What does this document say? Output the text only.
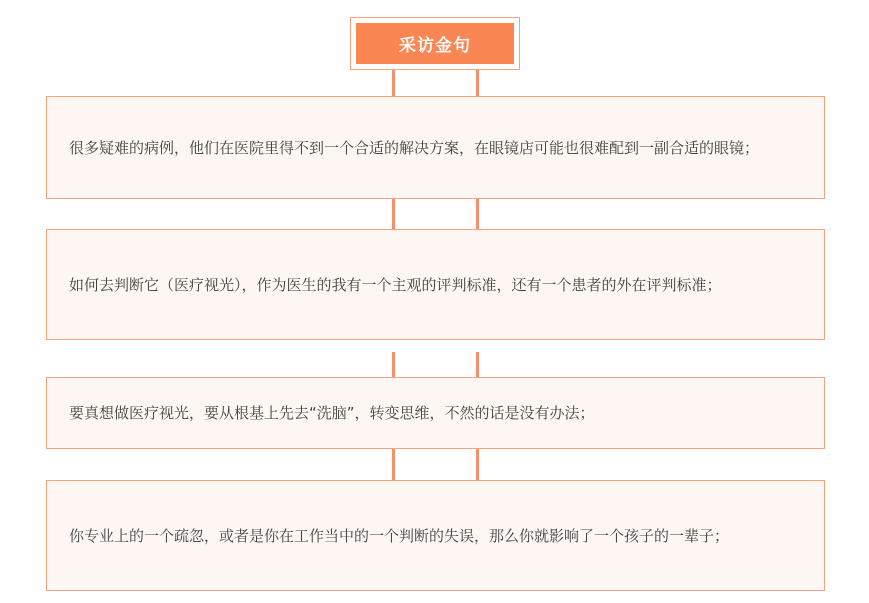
采访金句

很多疑难的病例，他们在医院里得不到一个合适的解决方案，在眼镜店可能也很难配到一副合适的眼镜；

如何去判断它（医疗视光），作为医生的我有一个主观的评判标准，还有一个患者的外在评判标准；

要真想做医疗视光，要从根基上先去“洗脑”，转变思维，不然的话是没有办法；

你专业上的一个疏忽，或者是你在工作当中的一个判断的失误，那么你就影响了一个孩子的一辈子；
